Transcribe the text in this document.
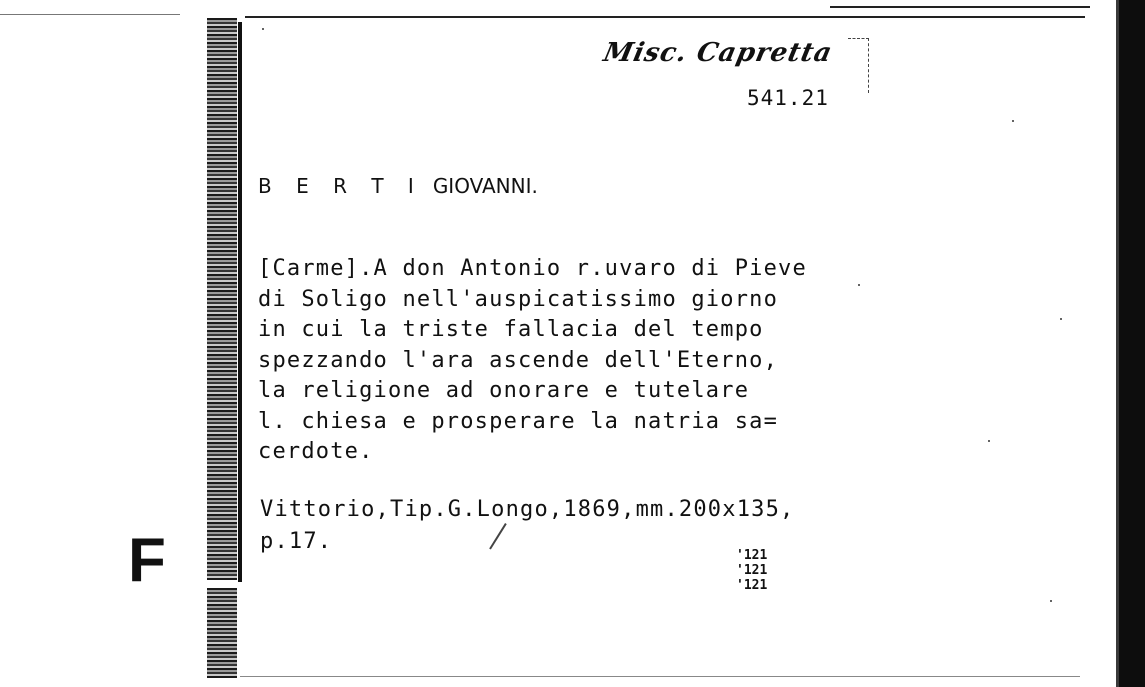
Misc. Capretta
541.21
B E R T I GIOVANNI.
[Carme].A don Antonio r.uvaro di Pieve
di Soligo nell'auspicatissimo giorno
in cui la triste fallacia del tempo
spezzando l'ara ascende dell'Eterno,
la religione ad onorare e tutelare
l. chiesa e prosperare la natria sa=
cerdote.
Vittorio,Tip.G.Longo,1869,mm.200x135,
p.17.
F	'121
'121
'121
